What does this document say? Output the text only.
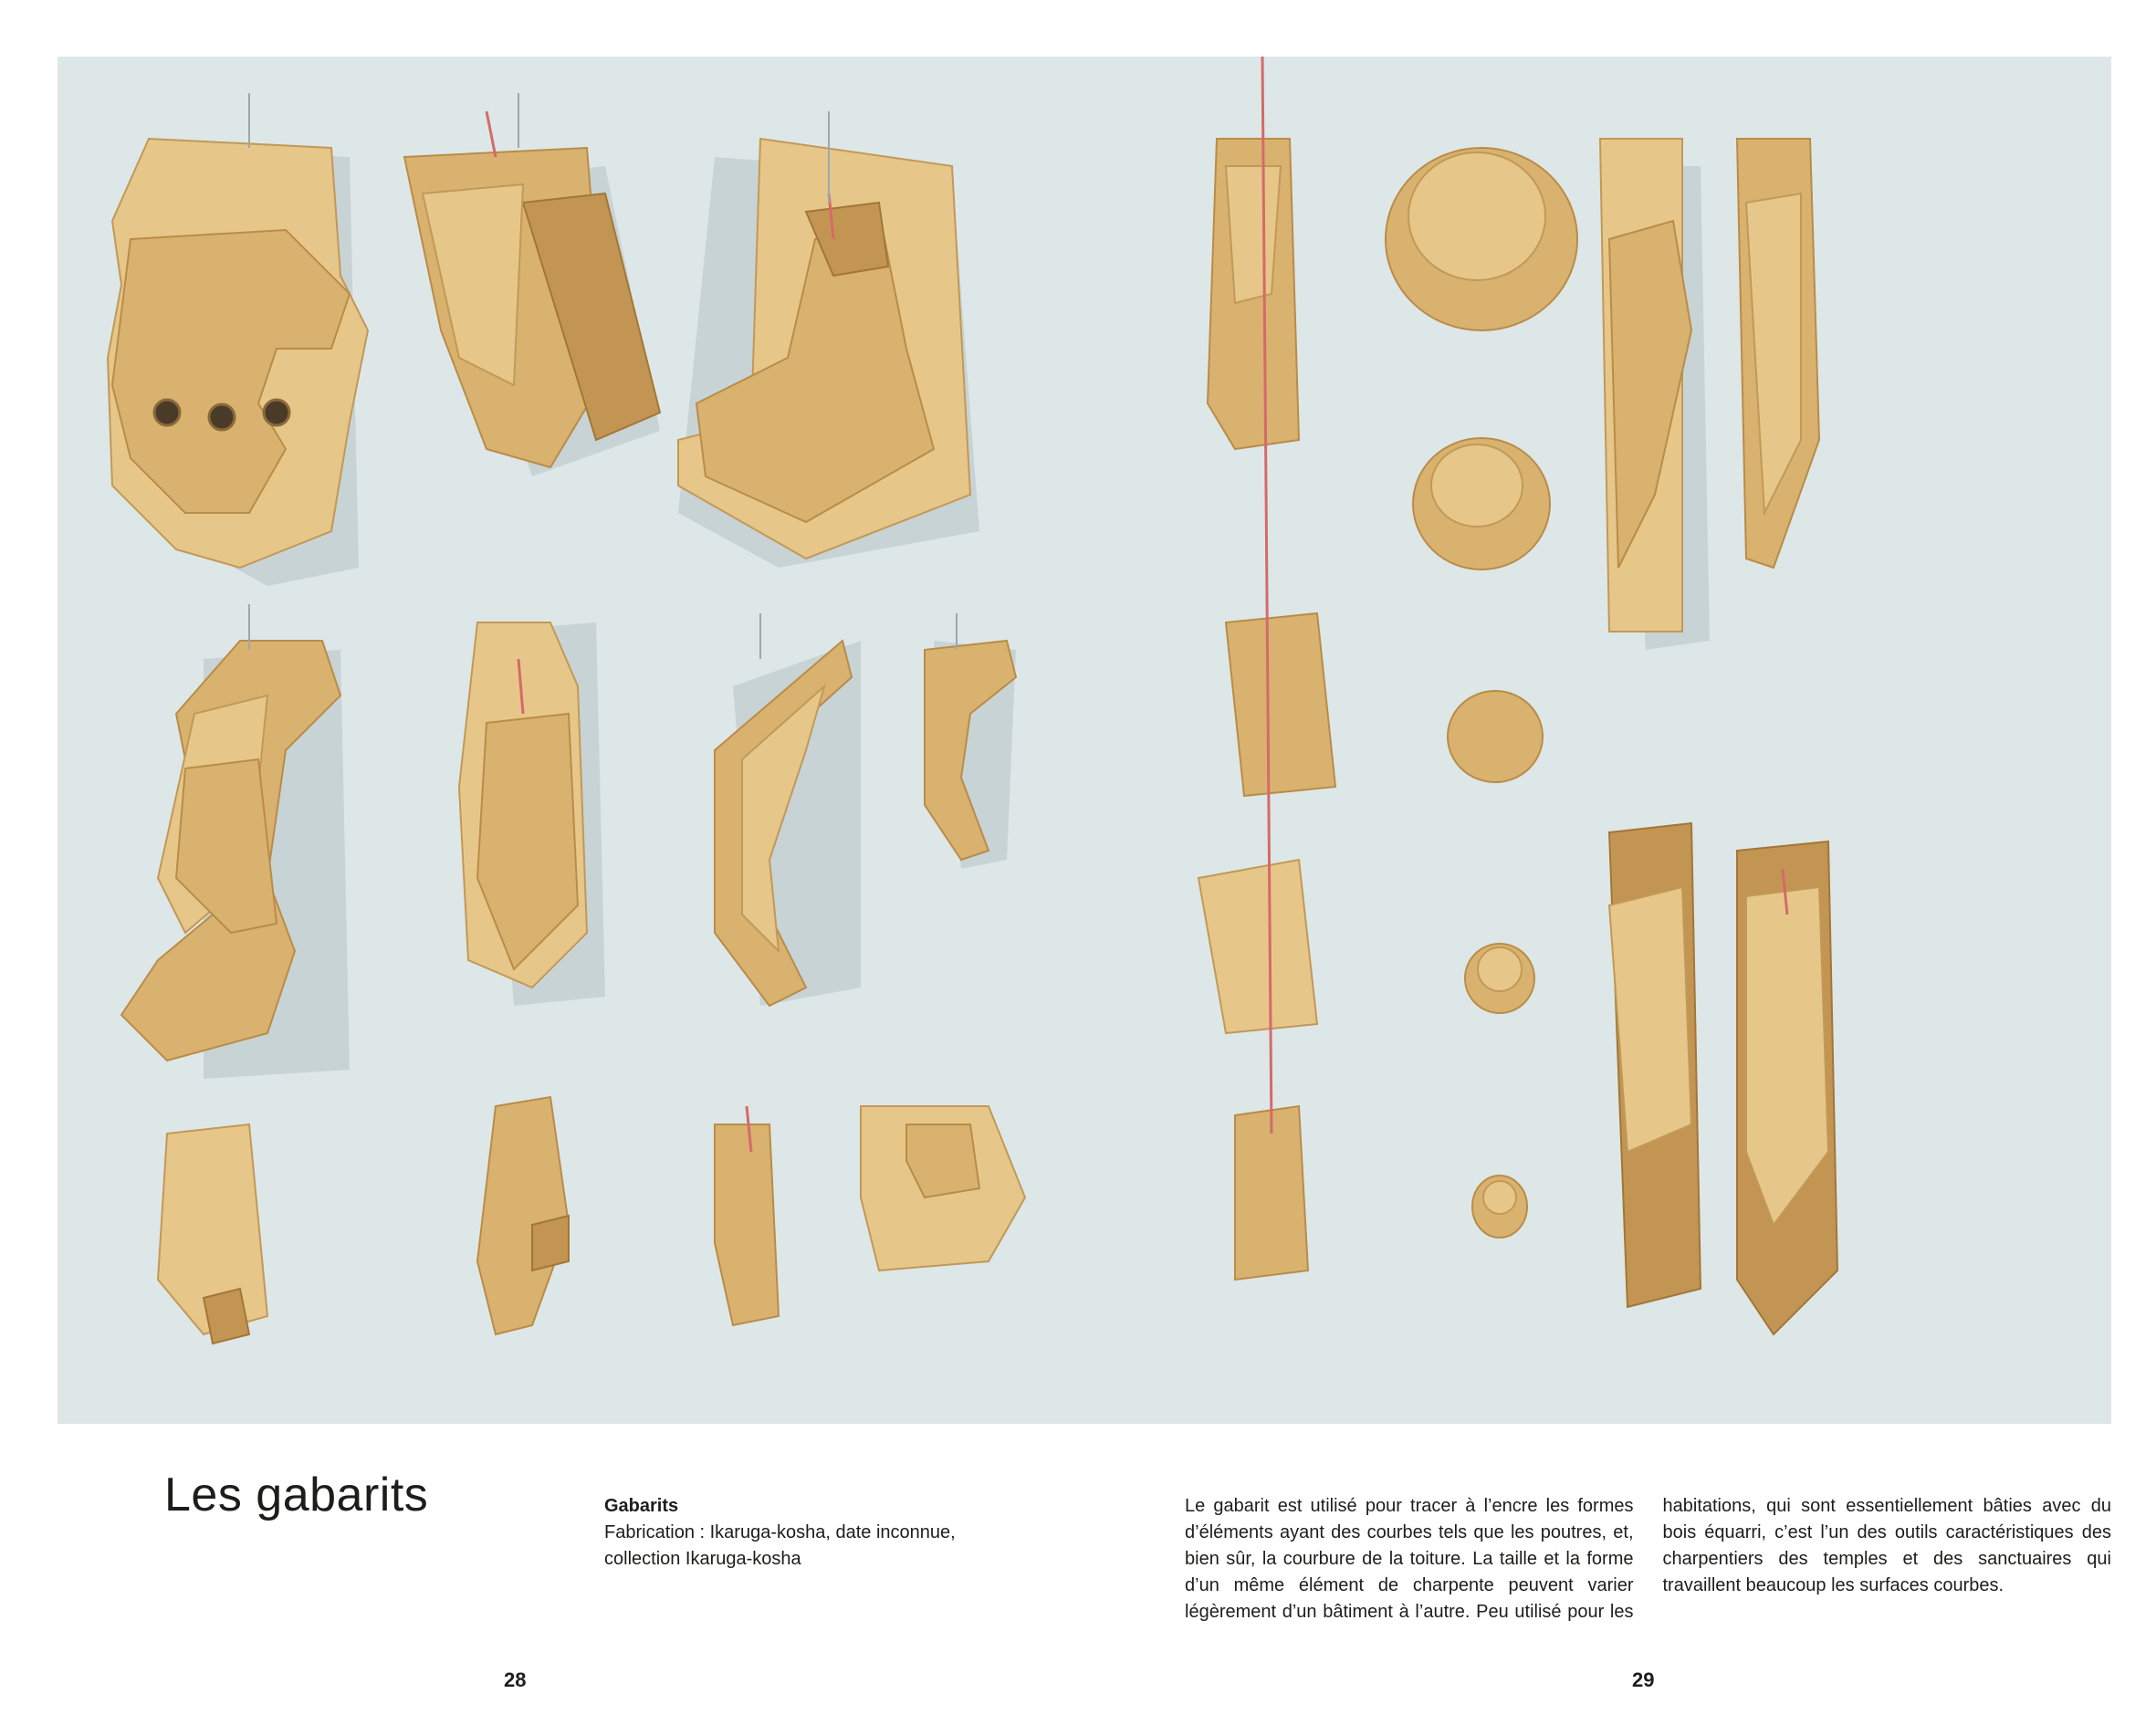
Les gabarits	Gabarits
Fabrication : Ikaruga-kosha, date inconnue,
collection Ikaruga-kosha
Le gabarit est utilisé pour tracer à l’encre les formes d’éléments ayant des courbes tels que les poutres, et, bien sûr, la courbure de la toiture. La taille et la forme d’un même élément de charpente peuvent varier légèrement d’un bâtiment à l’autre. Peu utilisé pour les habitations, qui sont essentiellement bâties avec du bois équarri, c’est l’un des outils caractéristiques des charpentiers des temples et des sanctuaires qui travaillent beaucoup les surfaces courbes.
28	29
